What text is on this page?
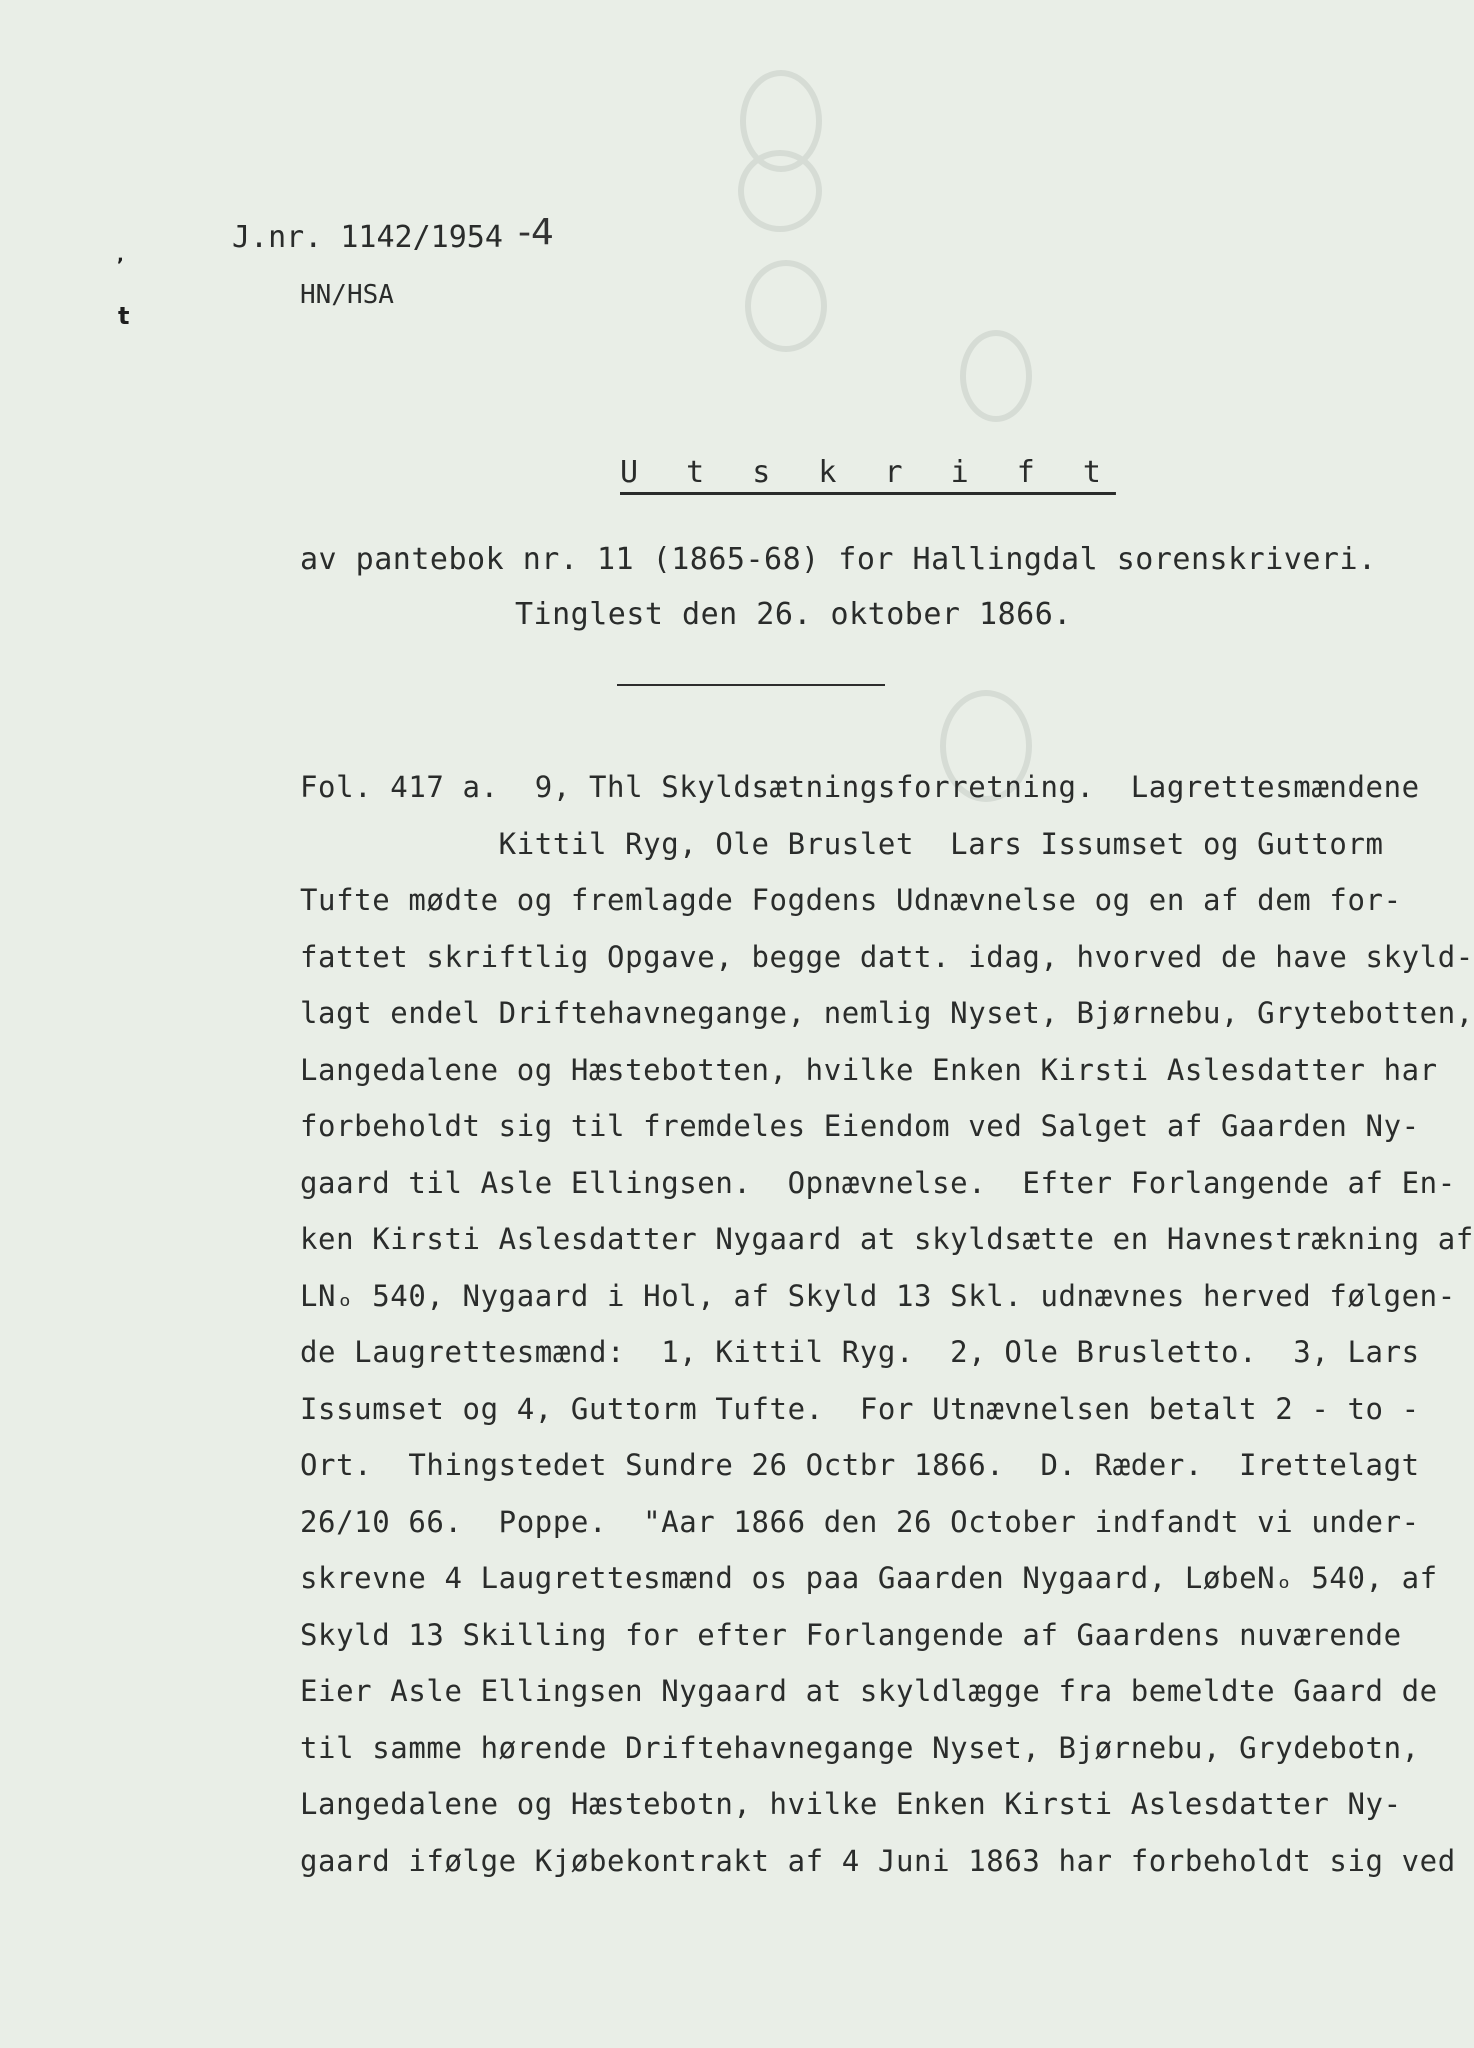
,
t
J.nr. 1142/1954 -4
HN/HSA
U t s k r i f t
av pantebok nr. 11 (1865-68) for Hallingdal sorenskriveri.
Tinglest den 26. oktober 1866.
Fol. 417 a.  9, Thl Skyldsætningsforretning.  Lagrettesmændene
Kittil Ryg, Ole Bruslet  Lars Issumset og Guttorm
Tufte mødte og fremlagde Fogdens Udnævnelse og en af dem for-
fattet skriftlig Opgave, begge datt. idag, hvorved de have skyld-
lagt endel Driftehavnegange, nemlig Nyset, Bjørnebu, Grytebotten,
Langedalene og Hæstebotten, hvilke Enken Kirsti Aslesdatter har
forbeholdt sig til fremdeles Eiendom ved Salget af Gaarden Ny-
gaard til Asle Ellingsen.  Opnævnelse.  Efter Forlangende af En-
ken Kirsti Aslesdatter Nygaard at skyldsætte en Havnestrækning af
LNₒ 540, Nygaard i Hol, af Skyld 13 Skl. udnævnes herved følgen-
de Laugrettesmænd:  1, Kittil Ryg.  2, Ole Brusletto.  3, Lars
Issumset og 4, Guttorm Tufte.  For Utnævnelsen betalt 2 - to -
Ort.  Thingstedet Sundre 26 Octbr 1866.  D. Ræder.  Irettelagt
26/10 66.  Poppe.  "Aar 1866 den 26 October indfandt vi under-
skrevne 4 Laugrettesmænd os paa Gaarden Nygaard, LøbeNₒ 540, af
Skyld 13 Skilling for efter Forlangende af Gaardens nuværende
Eier Asle Ellingsen Nygaard at skyldlægge fra bemeldte Gaard de
til samme hørende Driftehavnegange Nyset, Bjørnebu, Grydebotn,
Langedalene og Hæstebotn, hvilke Enken Kirsti Aslesdatter Ny-
gaard ifølge Kjøbekontrakt af 4 Juni 1863 har forbeholdt sig ved
